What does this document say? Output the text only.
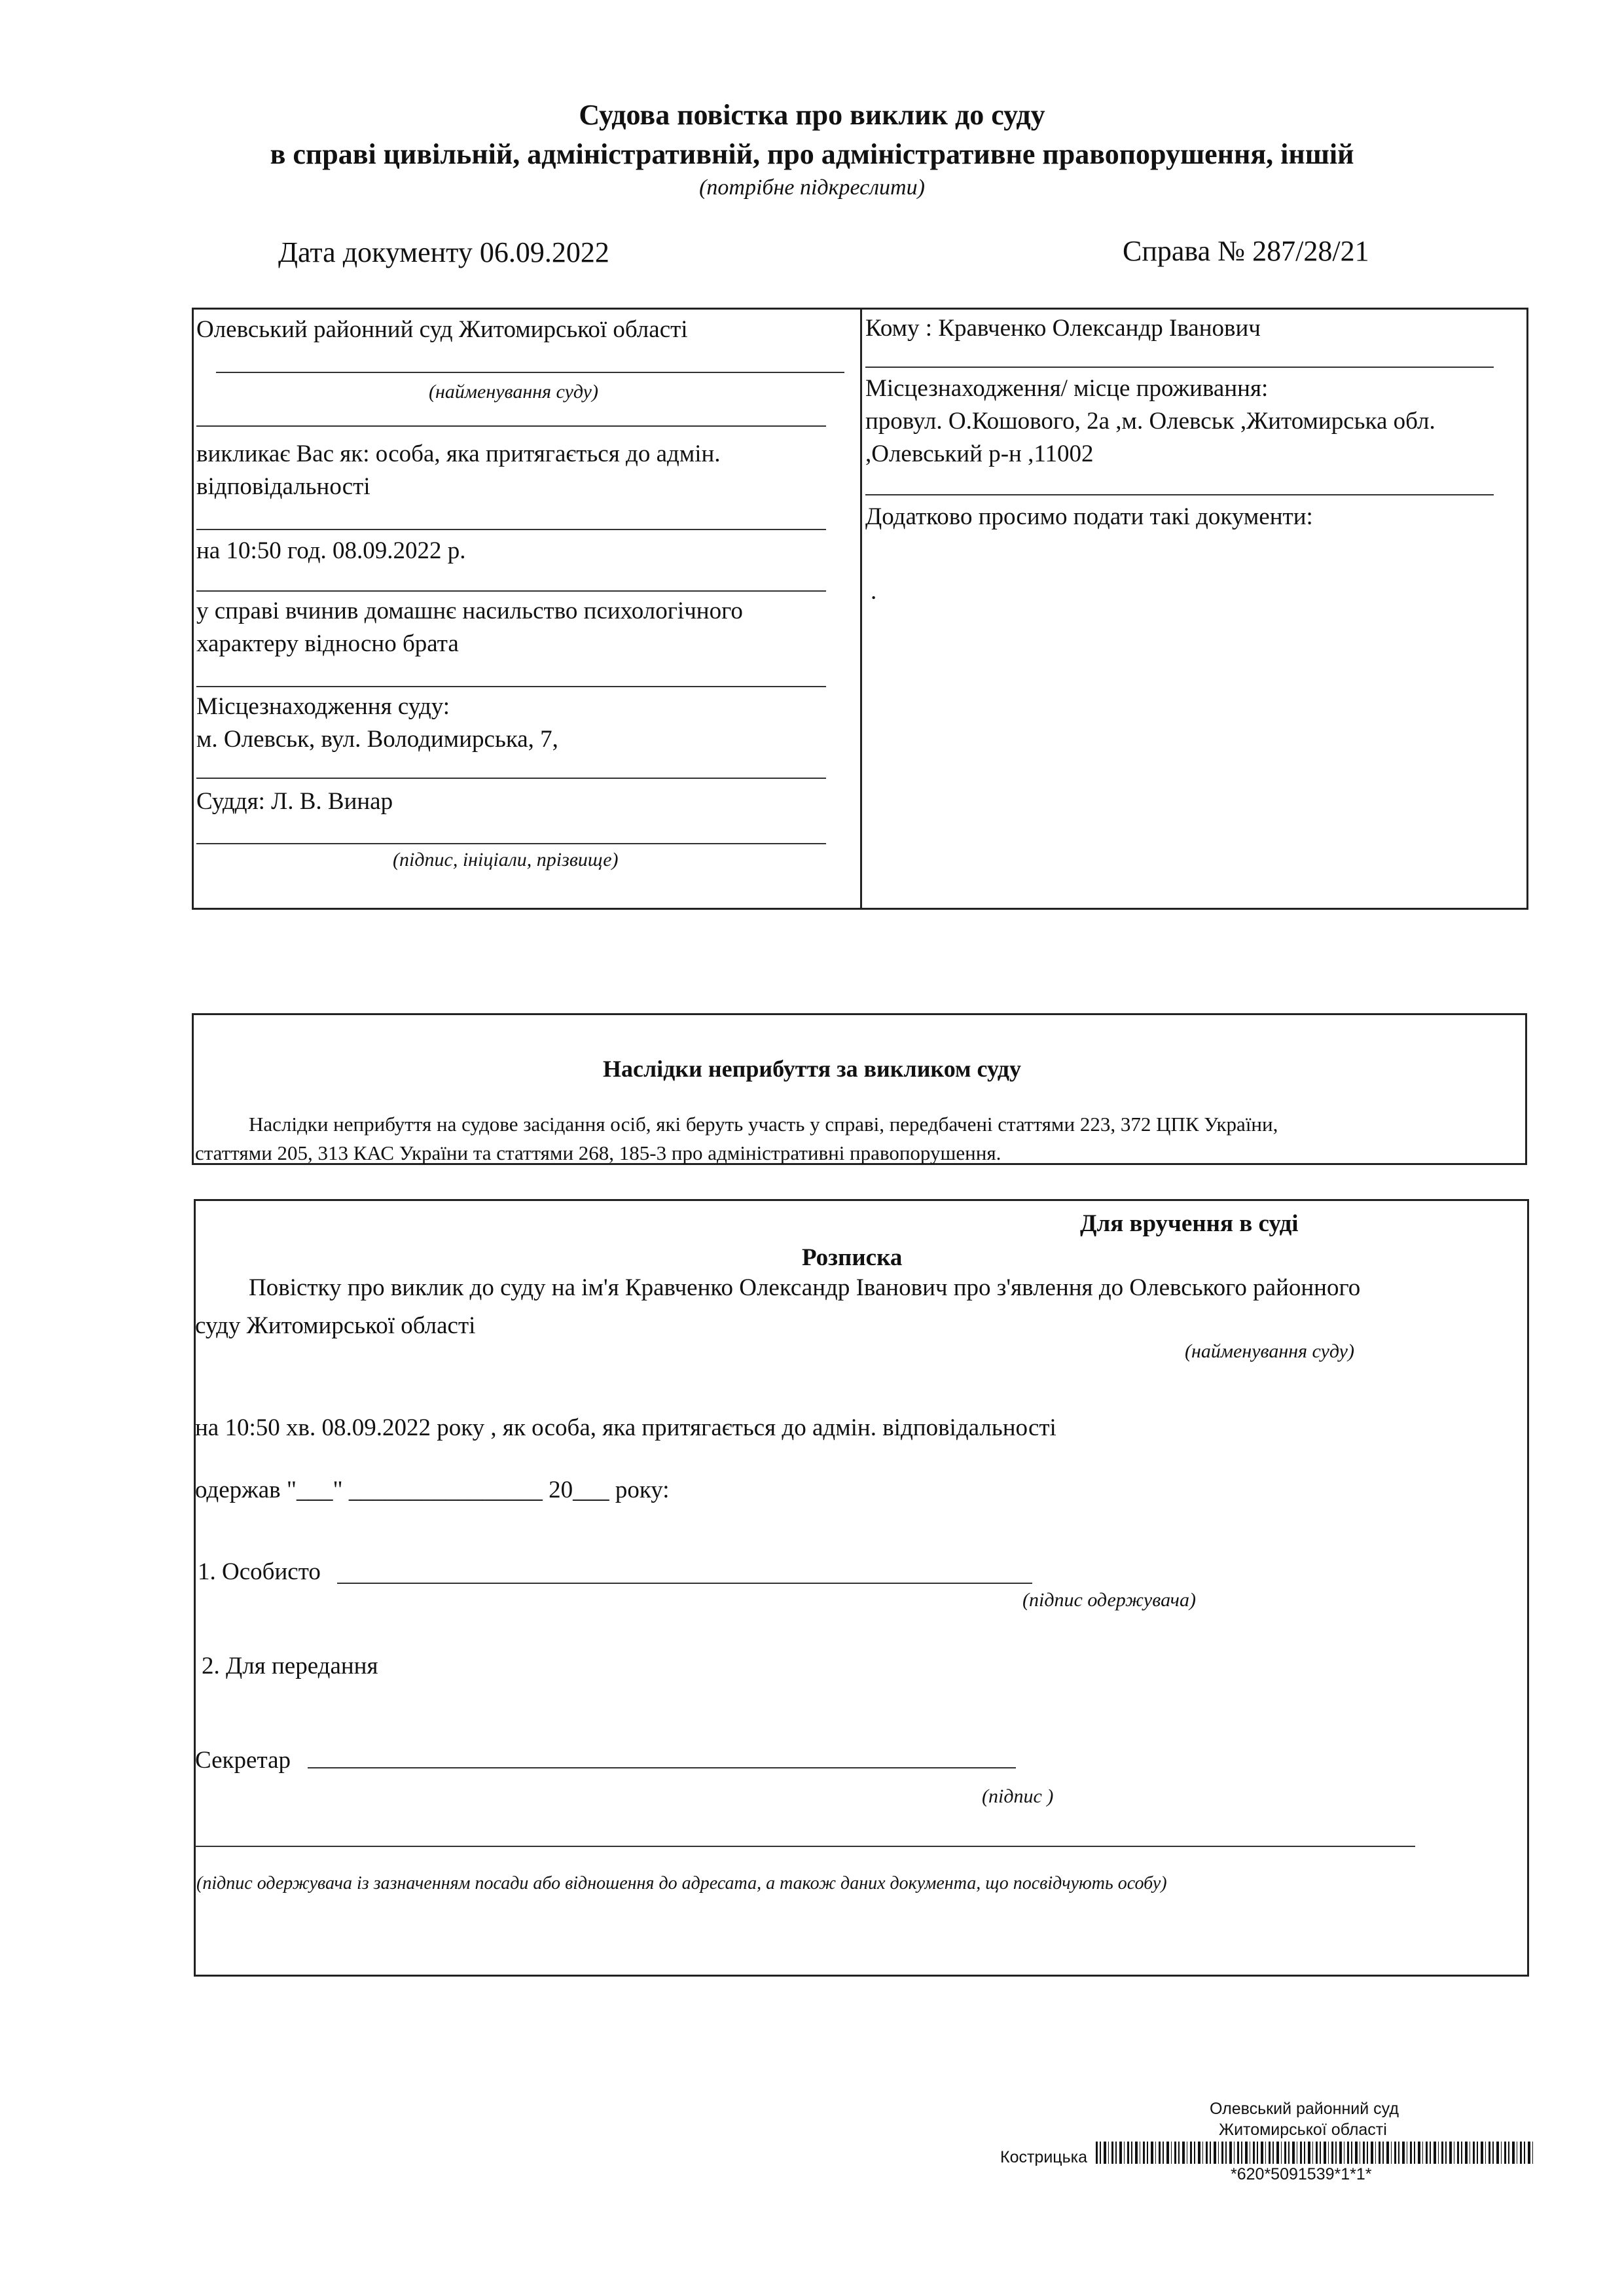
Судова повістка про виклик до суду
в справі цивільній, адміністративній, про адміністративне правопорушення, іншій
(потрібне підкреслити)
Дата документу 06.09.2022	Справа № 287/28/21
Олевський районний суд Житомирської області
(найменування суду)
викликає Вас як: особа, яка притягається до адмін.
відповідальності
на 10:50 год. 08.09.2022 р.
у справі вчинив домашнє насильство психологічного
характеру відносно брата
Місцезнаходження суду:
м. Олевськ, вул. Володимирська, 7,
Суддя: Л. В. Винар
(підпис, ініціали, прізвище)
Кому : Кравченко Олександр Іванович
Місцезнаходження/ місце проживання:
провул. О.Кошового, 2а ,м. Олевськ ,Житомирська обл.
,Олевський р-н ,11002
Додатково просимо подати такі документи:
.
Наслідки неприбуття за викликом суду
Наслідки неприбуття на судове засідання осіб, які беруть участь у справі, передбачені статтями 223, 372 ЦПК України,
статтями 205, 313 КАС України та статтями 268, 185-3 про адміністративні правопорушення.
Для вручення в суді
Розписка
Повістку про виклик до суду на ім'я Кравченко Олександр Іванович про з'явлення до Олевського районного
суду Житомирської області
(найменування суду)
на 10:50 хв. 08.09.2022 року , як особа, яка притягається до адмін. відповідальності
одержав "___" ________________ 20___ року:
1. Особисто
(підпис одержувача)
2. Для передання
Секретар
(підпис )
(підпис одержувача із зазначенням посади або відношення до адресата, а також даних документа, що посвідчують особу)
Олевський районний суд
Житомирської області
Кострицька
*620*5091539*1*1*
